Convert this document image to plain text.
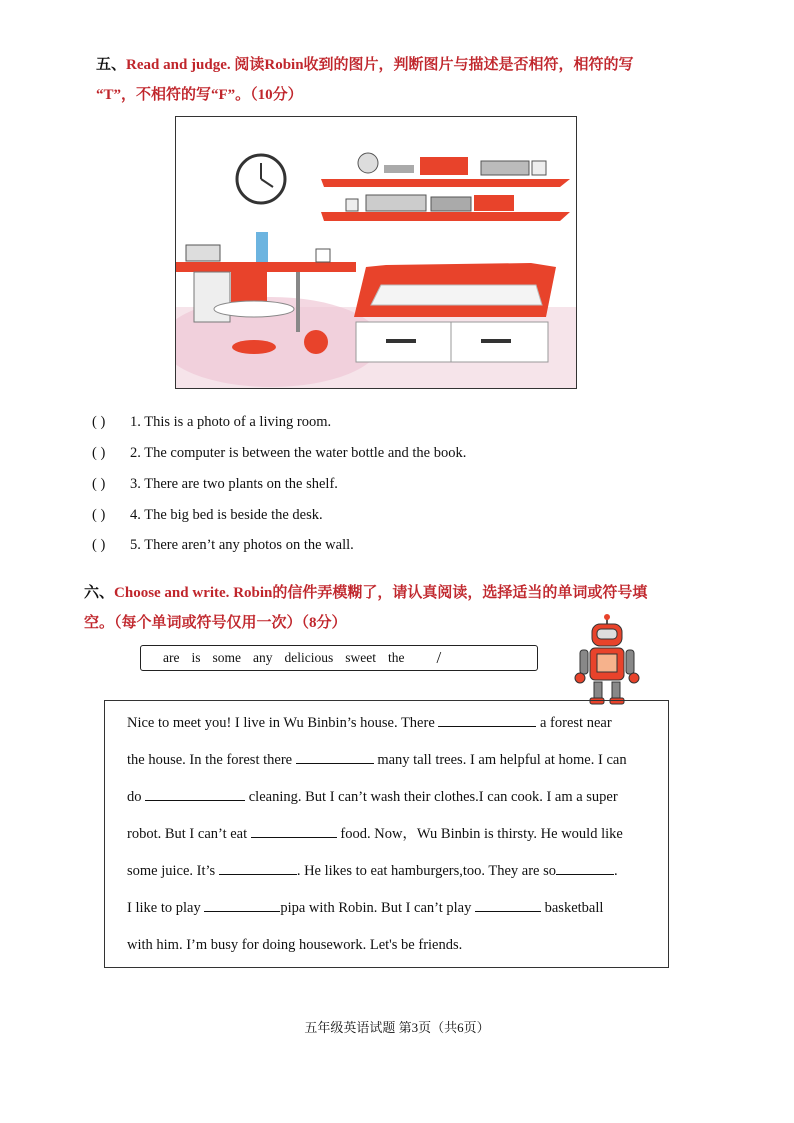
五、Read and judge. 阅读Robin收到的图片，判断图片与描述是否相符，相符的写
“T”，不相符的写“F”。（10分）
( ) 1. This is a photo of a living room.
( ) 2. The computer is between the water bottle and the book.
( ) 3. There are two plants on the shelf.
( ) 4. The big bed is beside the desk.
( ) 5. There aren’t any photos on the wall.
六、Choose and write. Robin的信件弄模糊了，请认真阅读，选择适当的单词或符号填
空。（每个单词或符号仅用一次）（8分）
are is some any delicious sweet the /
Nice to meet you! I live in Wu Binbin’s house. There	a forest near
the house. In the forest there	many tall trees. I am helpful at home. I can
do	cleaning. But I can’t wash their clothes.I can cook. I am a super
robot. But I can’t eat	food. Now，Wu Binbin is thirsty. He would like
some juice. It’s	. He likes to eat hamburgers,too. They are so	.
I like to play	pipa with Robin. But I can’t play	basketball
with him. I’m busy for doing housework. Let's be friends.
五年级英语试题 第3页（共6页）
